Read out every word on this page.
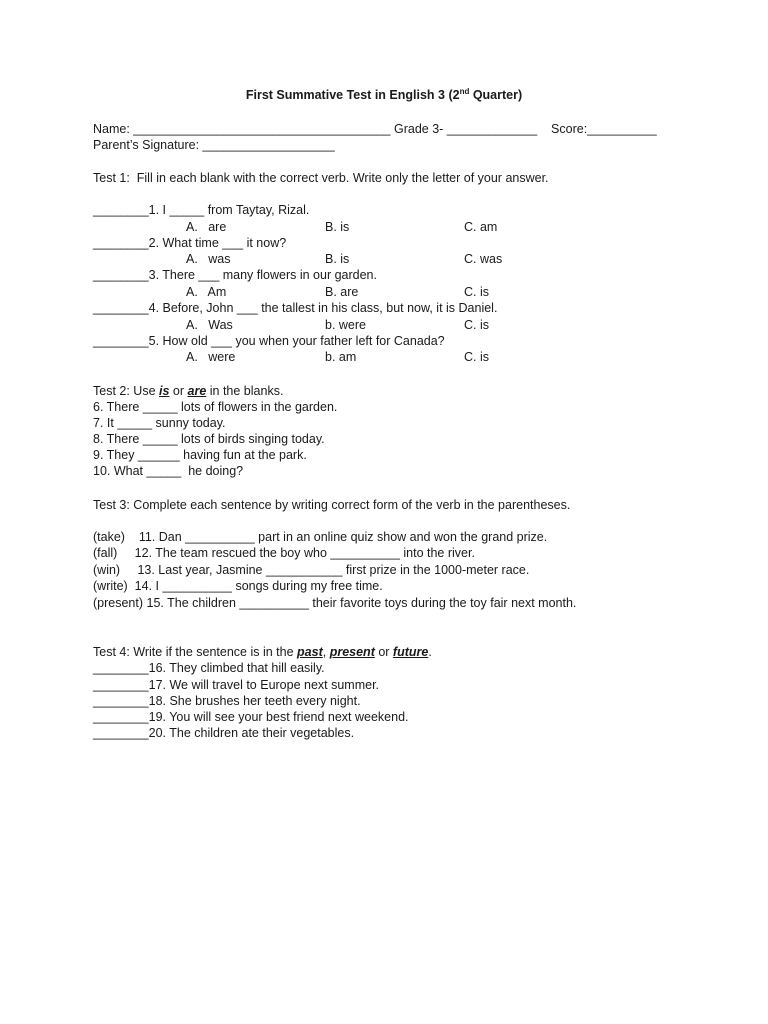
First Summative Test in English 3 (2nd Quarter)
Name: _____________________________________ Grade 3- _____________    Score:__________
Parent’s Signature: ___________________
Test 1:  Fill in each blank with the correct verb. Write only the letter of your answer.
________1. I _____ from Taytay, Rizal.
A.   are	B. is	C. am
________2. What time ___ it now?
A.   was	B. is	C. was
________3. There ___ many flowers in our garden.
A.   Am	B. are	C. is
________4. Before, John ___ the tallest in his class, but now, it is Daniel.
A.   Was	b. were	C. is
________5. How old ___ you when your father left for Canada?
A.   were	b. am	C. is
Test 2: Use is or are in the blanks.
6. There _____ lots of flowers in the garden.
7. It _____ sunny today.
8. There _____ lots of birds singing today.
9. They ______ having fun at the park.
10. What _____  he doing?
Test 3: Complete each sentence by writing correct form of the verb in the parentheses.
(take)    11. Dan __________ part in an online quiz show and won the grand prize.
(fall)     12. The team rescued the boy who __________ into the river.
(win)     13. Last year, Jasmine ___________ first prize in the 1000-meter race.
(write)  14. I __________ songs during my free time.
(present) 15. The children __________ their favorite toys during the toy fair next month.
Test 4: Write if the sentence is in the past, present or future.
________16. They climbed that hill easily.
________17. We will travel to Europe next summer.
________18. She brushes her teeth every night.
________19. You will see your best friend next weekend.
________20. The children ate their vegetables.
